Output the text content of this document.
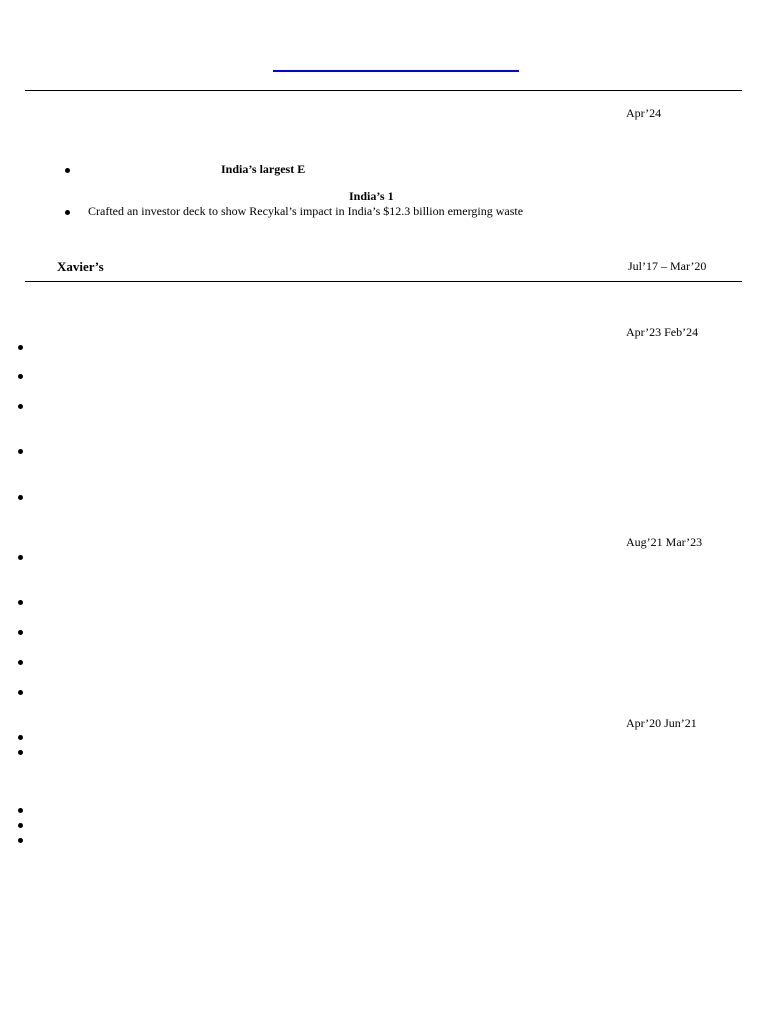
Apr’24
India’s largest E
India’s 1
Crafted an investor deck to show Recykal’s impact in India’s $12.3 billion emerging waste
Xavier’s	Jul’17 – Mar’20
Apr’23 Feb’24
Aug’21 Mar’23
Apr’20 Jun’21
